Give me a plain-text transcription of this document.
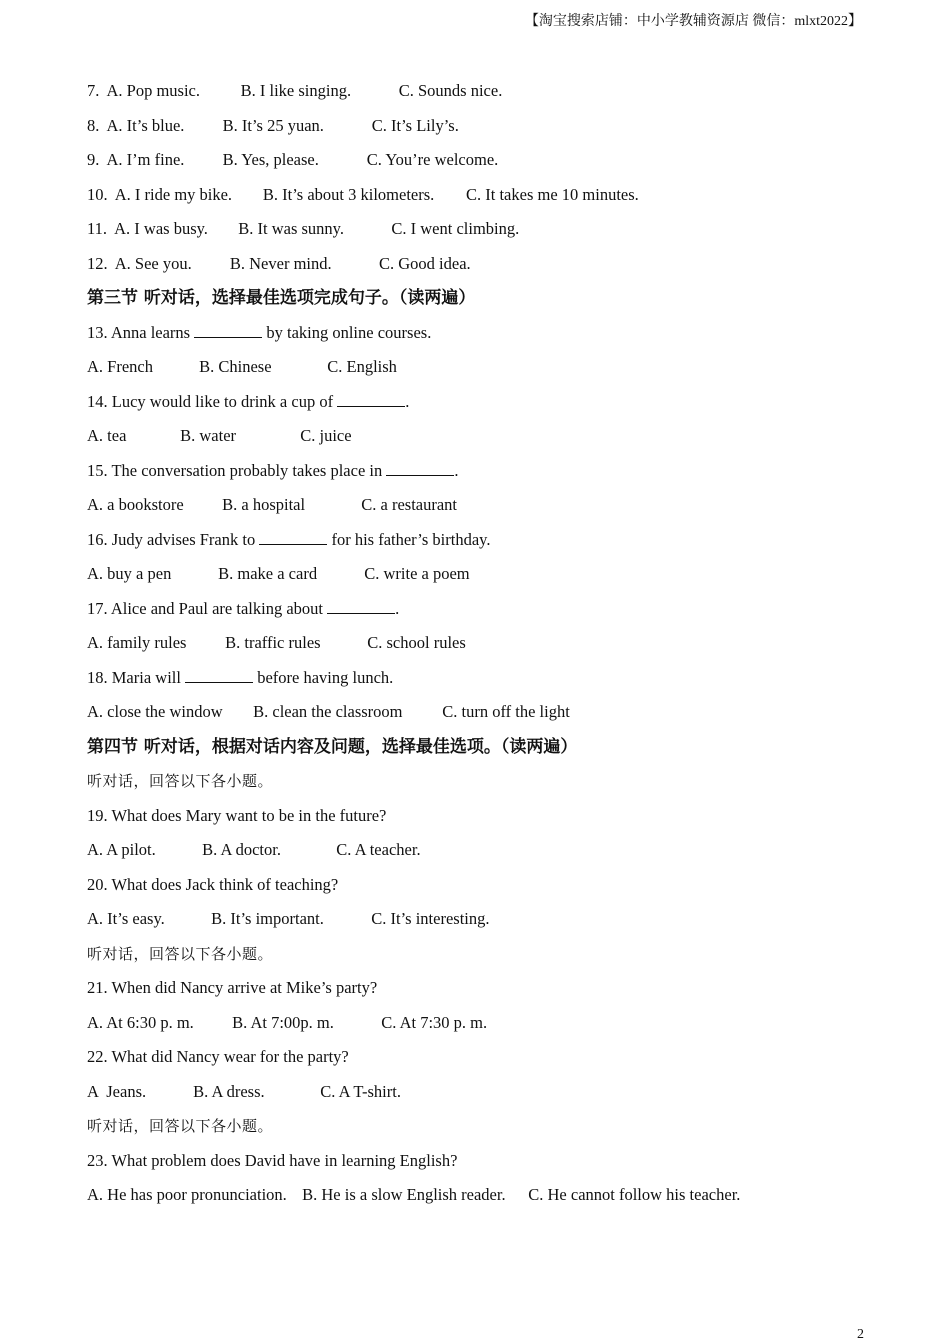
【淘宝搜索店铺：中小学教辅资源店 微信：mlxt2022】
7. A. Pop music. B. I like singing.	C. Sounds nice.
8. A. It’s blue. B. It’s 25 yuan.	C. It’s Lily’s.
9. A. I’m fine. B. Yes, please.	C. You’re welcome.
10. A. I ride my bike. B. It’s about 3 kilometers. C. It takes me 10 minutes.
11. A. I was busy. B. It was sunny.	C. I went climbing.
12. A. See you. B. Never mind.	C. Good idea.
第三节 听对话，选择最佳选项完成句子。（读两遍）
13. Anna learns	by taking online courses.
A. French	B. Chinese	C. English
14. Lucy would like to drink a cup of	.
A. tea	B. water	C. juice
15. The conversation probably takes place in	.
A. a bookstore B. a hospital	C. a restaurant
16. Judy advises Frank to	for his father’s birthday.
A. buy a pen	B. make a card	C. write a poem
17. Alice and Paul are talking about	.
A. family rules B. traffic rules	C. school rules
18. Maria will	before having lunch.
A. close the window B. clean the classroom C. turn off the light
第四节 听对话，根据对话内容及问题，选择最佳选项。（读两遍）
听对话，回答以下各小题。
19. What does Mary want to be in the future?
A. A pilot.	B. A doctor.	C. A teacher.
20. What does Jack think of teaching?
A. It’s easy.	B. It’s important.	C. It’s interesting.
听对话，回答以下各小题。
21. When did Nancy arrive at Mike’s party?
A. At 6:30 p. m. B. At 7:00p. m.	C. At 7:30 p. m.
22. What did Nancy wear for the party?
A  Jeans.	B. A dress.	C. A T-shirt.
听对话，回答以下各小题。
23. What problem does David have in learning English?
A. He has poor pronunciation. B. He is a slow English reader. C. He cannot follow his teacher.
2
